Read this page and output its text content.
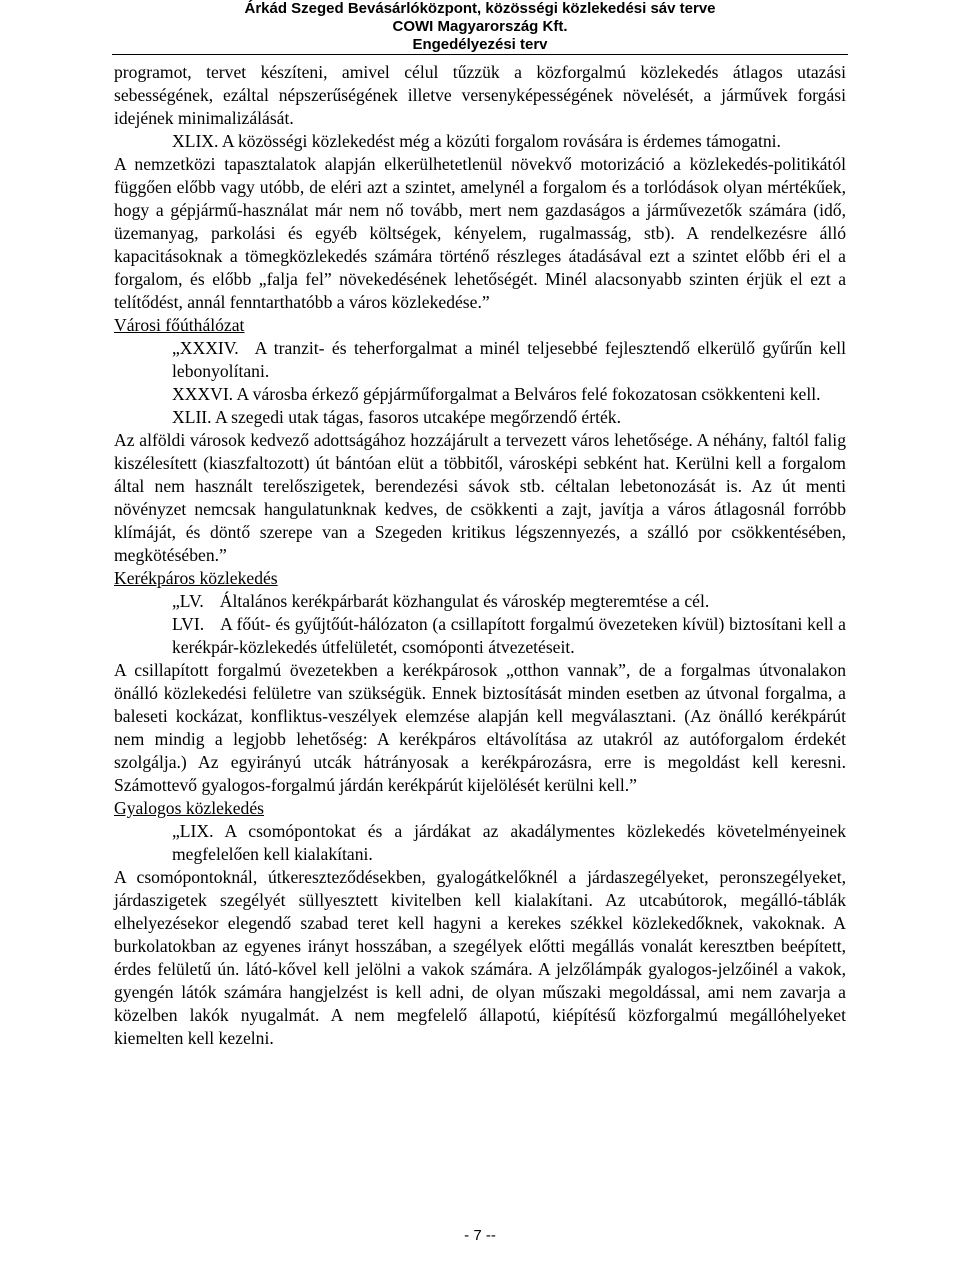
Árkád Szeged Bevásárlóközpont, közösségi közlekedési sáv terve
COWI Magyarország Kft.
Engedélyezési terv

programot, tervet készíteni, amivel célul tűzzük a közforgalmú közlekedés átlagos utazási sebességének, ezáltal népszerűségének illetve versenyképességének növelését, a járművek forgási idejének minimalizálását.

XLIX. A közösségi közlekedést még a közúti forgalom rovására is érdemes támogatni.

A nemzetközi tapasztalatok alapján elkerülhetetlenül növekvő motorizáció a közlekedés-politikától függően előbb vagy utóbb, de eléri azt a szintet, amelynél a forgalom és a torlódások olyan mértékűek, hogy a gépjármű-használat már nem nő tovább, mert nem gazdaságos a járművezetők számára (idő, üzemanyag, parkolási és egyéb költségek, kényelem, rugalmasság, stb). A rendelkezésre álló kapacitásoknak a tömegközlekedés számára történő részleges átadásával ezt a szintet előbb éri el a forgalom, és előbb „falja fel” növekedésének lehetőségét. Minél alacsonyabb szinten érjük el ezt a telítődést, annál fenntarthatóbb a város közlekedése.”

Városi főúthálózat

„XXXIV. A tranzit- és teherforgalmat a minél teljesebbé fejlesztendő elkerülő gyűrűn kell lebonyolítani.

XXXVI. A városba érkező gépjárműforgalmat a Belváros felé fokozatosan csökkenteni kell.

XLII. A szegedi utak tágas, fasoros utcaképe megőrzendő érték.

Az alföldi városok kedvező adottságához hozzájárult a tervezett város lehetősége. A néhány, faltól falig kiszélesített (kiaszfaltozott) út bántóan elüt a többitől, városképi sebként hat. Kerülni kell a forgalom által nem használt terelőszigetek, berendezési sávok stb. céltalan lebetonozását is. Az út menti növényzet nemcsak hangulatunknak kedves, de csökkenti a zajt, javítja a város átlagosnál forróbb klímáját, és döntő szerepe van a Szegeden kritikus légszennyezés, a szálló por csökkentésében, megkötésében.”

Kerékpáros közlekedés

„LV. Általános kerékpárbarát közhangulat és városkép megteremtése a cél.

LVI. A főút- és gyűjtőút-hálózaton (a csillapított forgalmú övezeteken kívül) biztosítani kell a kerékpár-közlekedés útfelületét, csomóponti átvezetéseit.

A csillapított forgalmú övezetekben a kerékpárosok „otthon vannak”, de a forgalmas útvonalakon önálló közlekedési felületre van szükségük. Ennek biztosítását minden esetben az útvonal forgalma, a baleseti kockázat, konfliktus-veszélyek elemzése alapján kell megválasztani. (Az önálló kerékpárút nem mindig a legjobb lehetőség: A kerékpáros eltávolítása az utakról az autóforgalom érdekét szolgálja.) Az egyirányú utcák hátrányosak a kerékpározásra, erre is megoldást kell keresni. Számottevő gyalogos-forgalmú járdán kerékpárút kijelölését kerülni kell.”

Gyalogos közlekedés

„LIX. A csomópontokat és a járdákat az akadálymentes közlekedés követelményeinek megfelelően kell kialakítani.

A csomópontoknál, útkereszteződésekben, gyalogátkelőknél a járdaszegélyeket, peronszegélyeket, járdaszigetek szegélyét süllyesztett kivitelben kell kialakítani. Az utcabútorok, megálló-táblák elhelyezésekor elegendő szabad teret kell hagyni a kerekes székkel közlekedőknek, vakoknak. A burkolatokban az egyenes irányt hosszában, a szegélyek előtti megállás vonalát keresztben beépített, érdes felületű ún. látó-kővel kell jelölni a vakok számára. A jelzőlámpák gyalogos-jelzőinél a vakok, gyengén látók számára hangjelzést is kell adni, de olyan műszaki megoldással, ami nem zavarja a közelben lakók nyugalmát. A nem megfelelő állapotú, kiépítésű közforgalmú megállóhelyeket kiemelten kell kezelni.

- 7 --
